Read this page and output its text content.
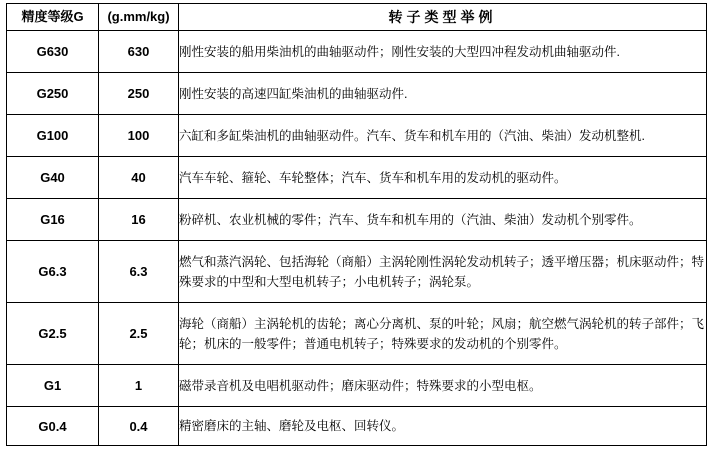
精度等级G	(g.mm/kg)	转子类型举例
G630	630	刚性安装的船用柴油机的曲轴驱动件；刚性安装的大型四冲程发动机曲轴驱动件.
G250	250	刚性安装的高速四缸柴油机的曲轴驱动件.
G100	100	六缸和多缸柴油机的曲轴驱动件。汽车、货车和机车用的（汽油、柴油）发动机整机.
G40	40	汽车车轮、箍轮、车轮整体；汽车、货车和机车用的发动机的驱动件。
G16	16	粉碎机、农业机械的零件；汽车、货车和机车用的（汽油、柴油）发动机个别零件。
G6.3	6.3	燃气和蒸汽涡轮、包括海轮（商船）主涡轮刚性涡轮发动机转子；透平增压器；机床驱动件；特殊要求的中型和大型电机转子；小电机转子；涡轮泵。
G2.5	2.5	海轮（商船）主涡轮机的齿轮；离心分离机、泵的叶轮；风扇；航空燃气涡轮机的转子部件；飞轮；机床的一般零件；普通电机转子；特殊要求的发动机的个别零件。
G1	1	磁带录音机及电唱机驱动件；磨床驱动件；特殊要求的小型电枢。
G0.4	0.4	精密磨床的主轴、磨轮及电枢、回转仪。
